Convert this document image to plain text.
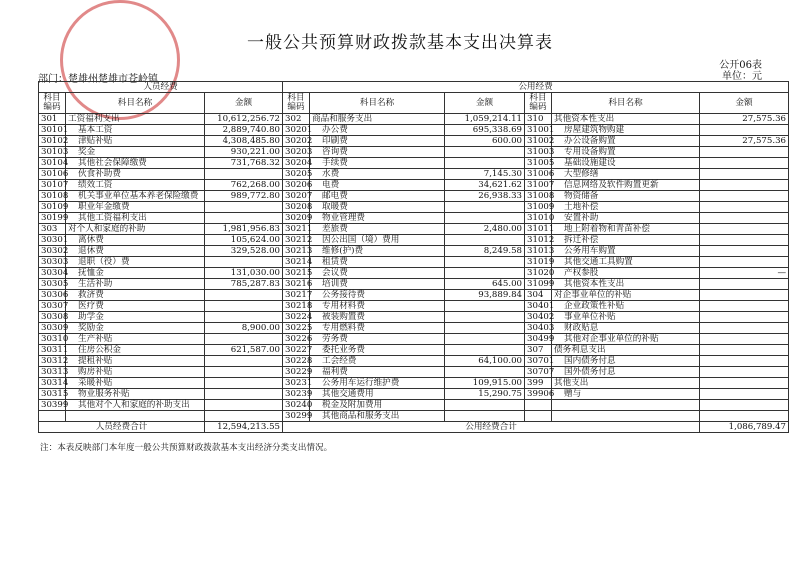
一般公共预算财政拨款基本支出决算表
公开06表
单位：元
部门：楚雄州楚雄市苍岭镇
人员经费			公用经费					
科目编码	科目名称	金额	科目编码	科目名称	金额	科目编码	科目名称	金额
301	工资福利支出	10,612,256.72	302	商品和服务支出	1,059,214.11	310	其他资本性支出	27,575.36
30101	基本工资	2,889,740.80	30201	办公费	695,338.69	31001	房屋建筑物购建	
30102	津贴补贴	4,308,485.80	30202	印刷费	600.00	31002	办公设备购置	27,575.36
30103	奖金	930,221.00	30203	咨询费		31003	专用设备购置	
30104	其他社会保障缴费	731,768.32	30204	手续费		31005	基础设施建设	
30106	伙食补助费		30205	水费	7,145.30	31006	大型修缮	
30107	绩效工资	762,268.00	30206	电费	34,621.62	31007	信息网络及软件购置更新	
30108	机关事业单位基本养老保险缴费	989,772.80	30207	邮电费	26,938.33	31008	物资储备	
30109	职业年金缴费		30208	取暖费		31009	土地补偿	
30199	其他工资福利支出		30209	物业管理费		31010	安置补助	
303	对个人和家庭的补助	1,981,956.83	30211	差旅费	2,480.00	31011	地上附着物和青苗补偿	
30301	离休费	105,624.00	30212	因公出国（境）费用		31012	拆迁补偿	
30302	退休费	329,528.00	30213	维修(护)费	8,249.58	31013	公务用车购置	
30303	退职（役）费		30214	租赁费		31019	其他交通工具购置	
30304	抚恤金	131,030.00	30215	会议费		31020	产权参股	—
30305	生活补助	785,287.83	30216	培训费	645.00	31099	其他资本性支出	
30306	救济费		30217	公务接待费	93,889.84	304	对企事业单位的补贴	
30307	医疗费		30218	专用材料费		30401	企业政策性补贴	
30308	助学金		30224	被装购置费		30402	事业单位补贴	
30309	奖励金	8,900.00	30225	专用燃料费		30403	财政贴息	
30310	生产补贴		30226	劳务费		30499	其他对企事业单位的补贴	
30311	住房公积金	621,587.00	30227	委托业务费		307	债务利息支出	
30312	提租补贴		30228	工会经费	64,100.00	30701	国内债务付息	
30313	购房补贴		30229	福利费		30707	国外债务付息	
30314	采暖补贴		30231	公务用车运行维护费	109,915.00	399	其他支出	
30315	物业服务补贴		30239	其他交通费用	15,290.75	39906	赠与	
30399	其他对个人和家庭的补助支出		30240	税金及附加费用				
			30299	其他商品和服务支出				
人员经费合计		12,594,213.55	公用经费合计					1,086,789.47
注：本表反映部门本年度一般公共预算财政拨款基本支出经济分类支出情况。
